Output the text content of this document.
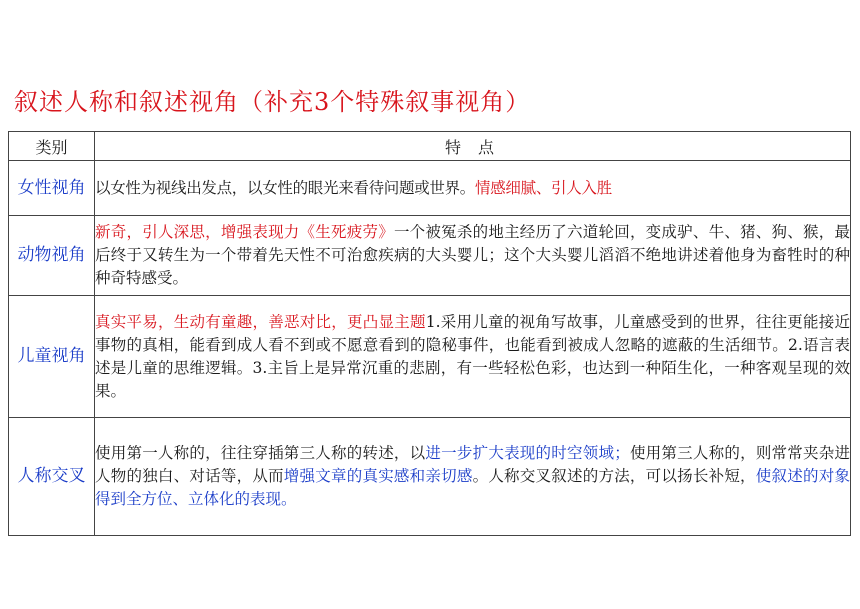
叙述人称和叙述视角（补充3个特殊叙事视角）
类别	特 点
女性视角	以女性为视线出发点，以女性的眼光来看待问题或世界。情感细腻、引人入胜
动物视角	新奇，引人深思，增强表现力《生死疲劳》一个被冤杀的地主经历了六道轮回，变成驴、牛、猪、狗、猴，最后终于又转生为一个带着先天性不可治愈疾病的大头婴儿；这个大头婴儿滔滔不绝地讲述着他身为畜牲时的种种奇特感受。
儿童视角	真实平易，生动有童趣，善恶对比，更凸显主题1.采用儿童的视角写故事，儿童感受到的世界，往往更能接近事物的真相，能看到成人看不到或不愿意看到的隐秘事件，也能看到被成人忽略的遮蔽的生活细节。2.语言表述是儿童的思维逻辑。3.主旨上是异常沉重的悲剧，有一些轻松色彩，也达到一种陌生化，一种客观呈现的效果。
人称交叉	使用第一人称的，往往穿插第三人称的转述，以进一步扩大表现的时空领域；使用第三人称的，则常常夹杂进人物的独白、对话等，从而增强文章的真实感和亲切感。人称交叉叙述的方法，可以扬长补短，使叙述的对象得到全方位、立体化的表现。
